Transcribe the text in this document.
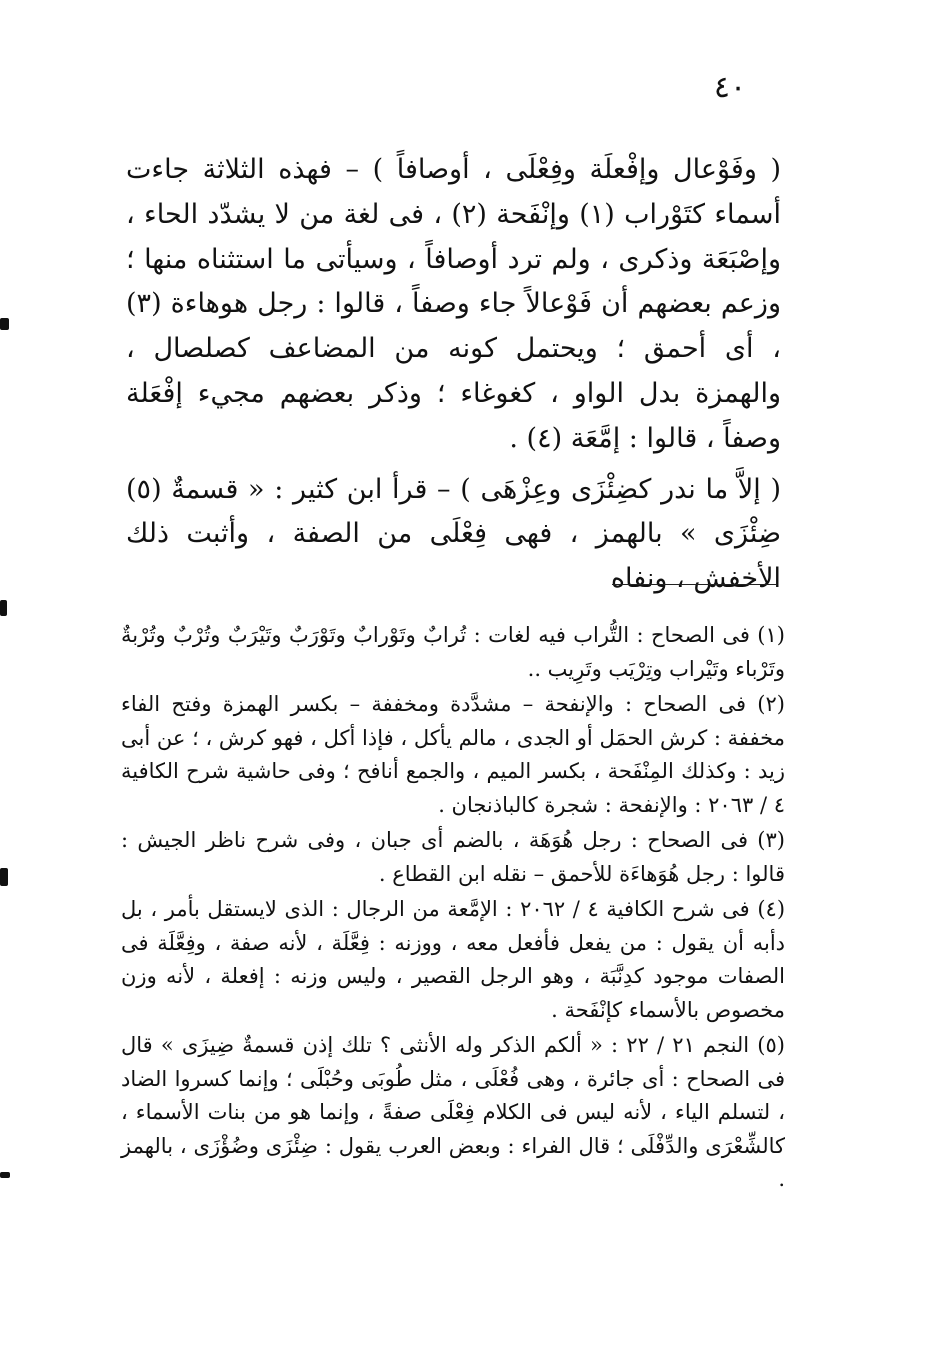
٤٠

( وفَوْعال وإفْعلَة وفِعْلَى ، أوصافاً ) – فهذه الثلاثة جاءت أسماء كتَوْراب (١) وإنْفَحة (٢) ، فى لغة من لا يشدّد الحاء ، وإصْبَعَة وذكرى ، ولم ترد أوصافاً ، وسيأتى ما استثناه منها ؛ وزعم بعضهم أن فَوْعالاً جاء وصفاً ، قالوا : رجل هوهاءة (٣) ، أى أحمق ؛ ويحتمل كونه من المضاعف كصلصال ، والهمزة بدل الواو ، كغوغاء ؛ وذكر بعضهم مجيء إفْعَلة وصفاً ، قالوا : إمَّعَة (٤) .

( إلاَّ ما ندر كضِئْزَى وعِزْهَى ) – قرأ ابن كثير : « قسمةٌ (٥) ضِئْزَى » بالهمز ، فهى فِعْلَى من الصفة ، وأثبت ذلك الأخفش ، ونفاه

(١) فى الصحاح : التُّراب فيه لغات : تُرابٌ وتَوْرابٌ وتَوْرَبٌ وتَيْرَبٌ وتُرْبٌ وتُرْبةٌ وتَرْباء وتَيْراب وتِرْيَب وتَرِيب ..

(٢) فى الصحاح : والإنفحة – مشدَّدة ومخففة – بكسر الهمزة وفتح الفاء مخففة : كرش الحمَل أو الجدى ، مالم يأكل ، فإذا أكل ، فهو كرش ، ؛ عن أبى زيد : وكذلك المِنْفَحة ، بكسر الميم ، والجمع أنافح ؛ وفى حاشية شرح الكافية ٤ / ٢٠٦٣ : والإنفحة : شجرة كالباذنجان .

(٣) فى الصحاح : رجل هُوَهَة ، بالضم أى جبان ، وفى شرح ناظر الجيش : قالوا : رجل هُوَهاءَة للأحمق – نقله ابن القطاع .

(٤) فى شرح الكافية ٤ / ٢٠٦٢ : الإمَّعة من الرجال : الذى لايستقل بأمر ، بل دأبه أن يقول : من يفعل فأفعل معه ، ووزنه : فِعَّلَة ، لأنه صفة ، وفِعَّلَة فى الصفات موجود كدِنَّبَة ، وهو الرجل القصير ، وليس وزنه : إفعلة ، لأنه وزن مخصوص بالأسماء كإنْفَحة .

(٥) النجم ٢١ / ٢٢ : « ألكم الذكر وله الأنثى ؟ تلك إذن قسمةٌ ضِيزَى » قال فى الصحاح : أى جائرة ، وهى فُعْلَى ، مثل طُوبَى وحُبْلَى ؛ وإنما كسروا الضاد ، لتسلم الياء ، لأنه ليس فى الكلام فِعْلَى صفةً ، وإنما هو من بنات الأسماء ، كالشِّعْرَى والدِّفْلَى ؛ قال الفراء : وبعض العرب يقول : ضِئْزَى وضُؤْزَى ، بالهمز .
